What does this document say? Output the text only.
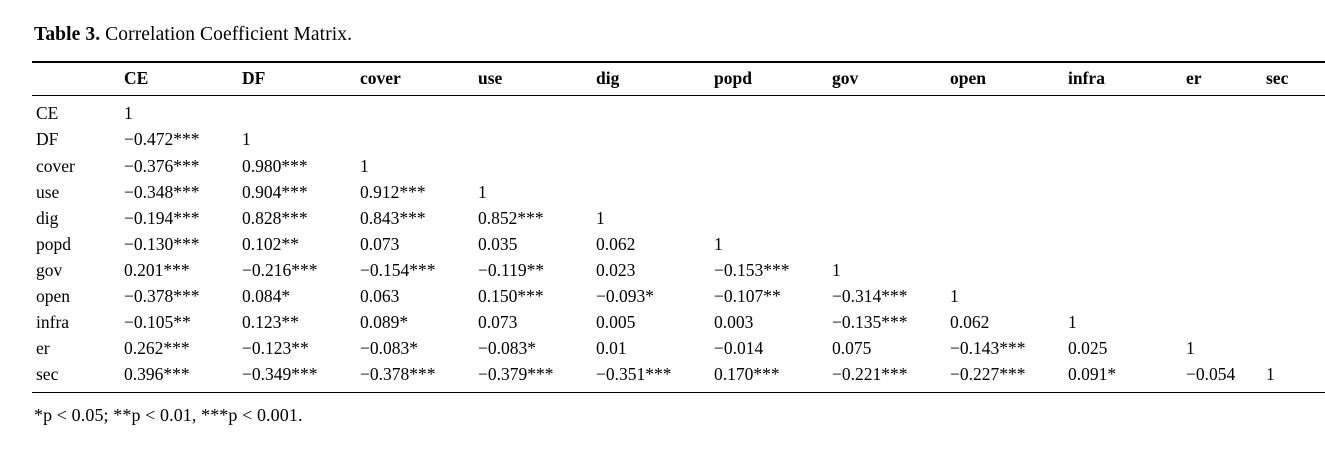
Table 3. Correlation Coefficient Matrix.
	CE	DF	cover	use	dig	popd	gov	open	infra	er	sec
CE	1										
DF	−0.472***	1									
cover	−0.376***	0.980***	1								
use	−0.348***	0.904***	0.912***	1							
dig	−0.194***	0.828***	0.843***	0.852***	1						
popd	−0.130***	0.102**	0.073	0.035	0.062	1					
gov	0.201***	−0.216***	−0.154***	−0.119**	0.023	−0.153***	1				
open	−0.378***	0.084*	0.063	0.150***	−0.093*	−0.107**	−0.314***	1			
infra	−0.105**	0.123**	0.089*	0.073	0.005	0.003	−0.135***	0.062	1		
er	0.262***	−0.123**	−0.083*	−0.083*	0.01	−0.014	0.075	−0.143***	0.025	1	
sec	0.396***	−0.349***	−0.378***	−0.379***	−0.351***	0.170***	−0.221***	−0.227***	0.091*	−0.054	1
*p < 0.05; **p < 0.01, ***p < 0.001.
